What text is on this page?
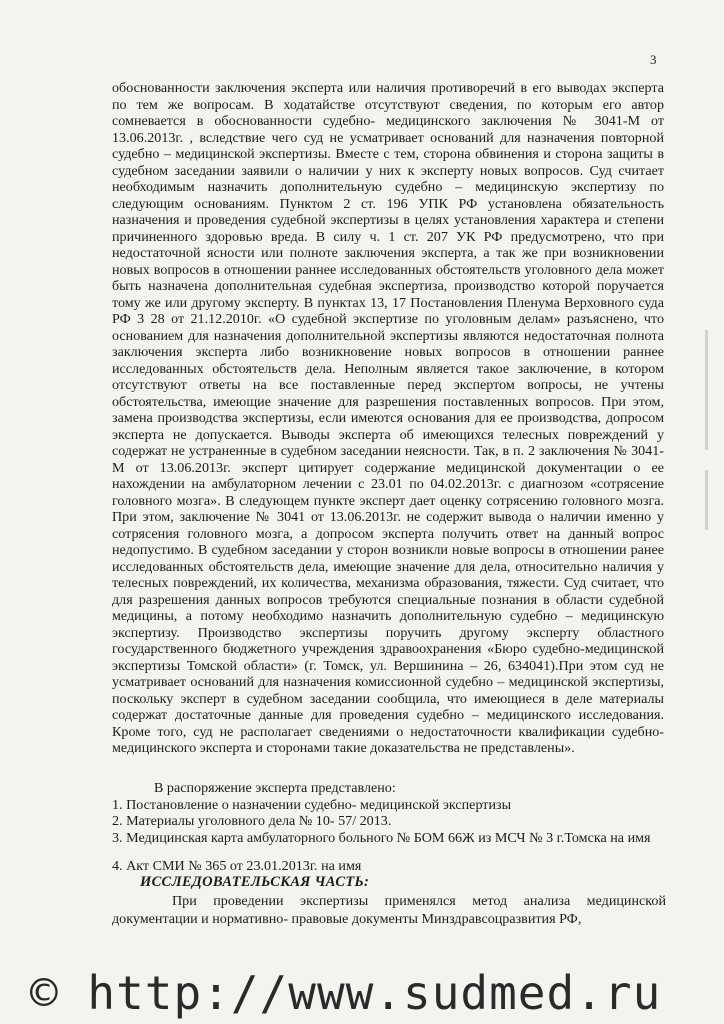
3

обоснованности заключения эксперта или наличия противоречий в его выводах эксперта по тем же вопросам. В ходатайстве отсутствуют сведения, по которым его автор сомневается в обоснованности судебно- медицинского заключения № 3041-М от 13.06.2013г. , вследствие чего суд не усматривает оснований для назначения повторной судебно – медицинской экспертизы. Вместе с тем, сторона обвинения и сторона защиты в судебном заседании заявили о наличии у них к эксперту новых вопросов. Суд считает необходимым назначить дополнительную судебно – медицинскую экспертизу по следующим основаниям. Пунктом 2 ст. 196 УПК РФ установлена обязательность назначения и проведения судебной экспертизы в целях установления характера и степени причиненного здоровью вреда. В силу ч. 1 ст. 207 УК РФ предусмотрено, что при недостаточной ясности или полноте заключения эксперта, а так же при возникновении новых вопросов в отношении раннее исследованных обстоятельств уголовного дела может быть назначена дополнительная судебная экспертиза, производство которой поручается тому же или другому эксперту. В пунктах 13, 17 Постановления Пленума Верховного суда РФ 3 28 от 21.12.2010г. «О судебной экспертизе по уголовным делам» разъяснено, что основанием для назначения дополнительной экспертизы являются недостаточная полнота заключения эксперта либо возникновение новых вопросов в отношении раннее исследованных обстоятельств дела. Неполным является такое заключение, в котором отсутствуют ответы на все поставленные перед экспертом вопросы, не учтены обстоятельства, имеющие значение для разрешения поставленных вопросов. При этом, замена производства экспертизы, если имеются основания для ее производства, допросом эксперта не допускается. Выводы эксперта об имеющихся телесных повреждений у содержат не устраненные в судебном заседании неясности. Так, в п. 2 заключения № 3041-М от 13.06.2013г. эксперт цитирует содержание медицинской документации о ее нахождении на амбулаторном лечении с 23.01 по 04.02.2013г. с диагнозом «сотрясение головного мозга». В следующем пункте эксперт дает оценку сотрясению головного мозга. При этом, заключение № 3041 от 13.06.2013г. не содержит вывода о наличии именно у сотрясения головного мозга, а допросом эксперта получить ответ на данный вопрос недопустимо. В судебном заседании у сторон возникли новые вопросы в отношении ранее исследованных обстоятельств дела, имеющие значение для дела, относительно наличия у телесных повреждений, их количества, механизма образования, тяжести. Суд считает, что для разрешения данных вопросов требуются специальные познания в области судебной медицины, а потому необходимо назначить дополнительную судебно – медицинскую экспертизу. Производство экспертизы поручить другому эксперту областного государственного бюджетного учреждения здравоохранения «Бюро судебно-медицинской экспертизы Томской области» (г. Томск, ул. Вершинина – 26, 634041).При этом суд не усматривает оснований для назначения комиссионной судебно – медицинской экспертизы, поскольку эксперт в судебном заседании сообщила, что имеющиеся в деле материалы содержат достаточные данные для проведения судебно – медицинского исследования. Кроме того, суд не располагает сведениями о недостаточности квалификации судебно- медицинского эксперта и сторонами такие доказательства не представлены».

В распоряжение эксперта представлено:

1. Постановление о назначении судебно- медицинской экспертизы
2. Материалы уголовного дела № 10- 57/ 2013.
3. Медицинская карта амбулаторного больного № БОМ 66Ж из МСЧ № 3 г.Томска на имя
4. Акт СМИ № 365 от 23.01.2013г. на имя
ИССЛЕДОВАТЕЛЬСКАЯ ЧАСТЬ:

При проведении экспертизы применялся метод анализа медицинской документации и нормативно- правовые документы Минздравсоцразвития РФ,

© http://www.sudmed.ru
